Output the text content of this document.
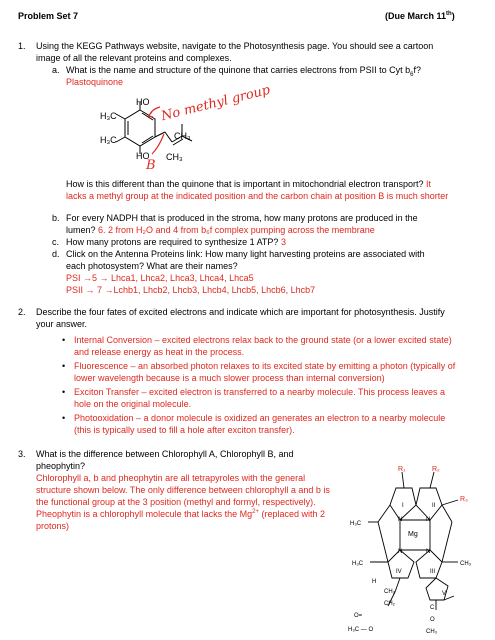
Problem Set 7	(Due March 11th)
1. Using the KEGG Pathways website, navigate to the Photosynthesis page. You should see a cartoon
image of all the relevant proteins and complexes.
a. What is the name and structure of the quinone that carries electrons from PSII to Cyt $b_6f$?
Plastoquinone
HO
H₃C
H₃C
HO
CH₃
CH₃
No methyl group
B
How is this different than the quinone that is important in mitochondrial electron transport? It
lacks a methyl group at the indicated position and the carbon chain at position B is much shorter
b. For every NADPH that is produced in the stroma, how many protons are produced in the
lumen? 6. 2 from H₂O and 4 from b₆f complex pumping across the membrane
c. How many protons are required to synthesize 1 ATP? 3
d. Click on the Antenna Proteins link: How many light harvesting proteins are associated with
each photosystem? What are their names?
PSI →5 → Lhca1, Lhca2, Lhca3, Lhca4, Lhca5
PSII → 7 →Lchb1, Lhcb2, Lhcb3, Lhcb4, Lhcb5, Lhcb6, Lhcb7
2. Describe the four fates of excited electrons and indicate which are important for photosynthesis. Justify
your answer.
• Internal Conversion – excited electrons relax back to the ground state (or a lower excited state)
and release energy as heat in the process.
• Fluorescence – an absorbed photon relaxes to its excited state by emitting a photon (typically of
lower wavelength because is a much slower process than internal conversion)
• Exciton Transfer – excited electron is transferred to a nearby molecule. This process leaves a
hole on the original molecule.
• Photooxidation – a donor molecule is oxidized an generates an electron to a nearby molecule
(this is typically used to fill a hole after exciton transfer).
3. What is the difference between Chlorophyll A, Chlorophyll B, and
pheophytin?
Chlorophyll a, b and pheophytin are all tetrapyroles with the general
structure shown below. The only difference between chlorophyll a and b is
the functional group at the 3 position (methyl and formyl, respectively).
Pheophytin is a chlorophyll molecule that lacks the $Mg^{2+}$ (replaced with 2
protons)
R₁	R₂
R₃
I	II
III
IV
V
Mg
N	N
N	N
H₃C
H₃C	CH₃
H
CH₂
CH₂
O=
H₃C — O
C
O
CH₃
